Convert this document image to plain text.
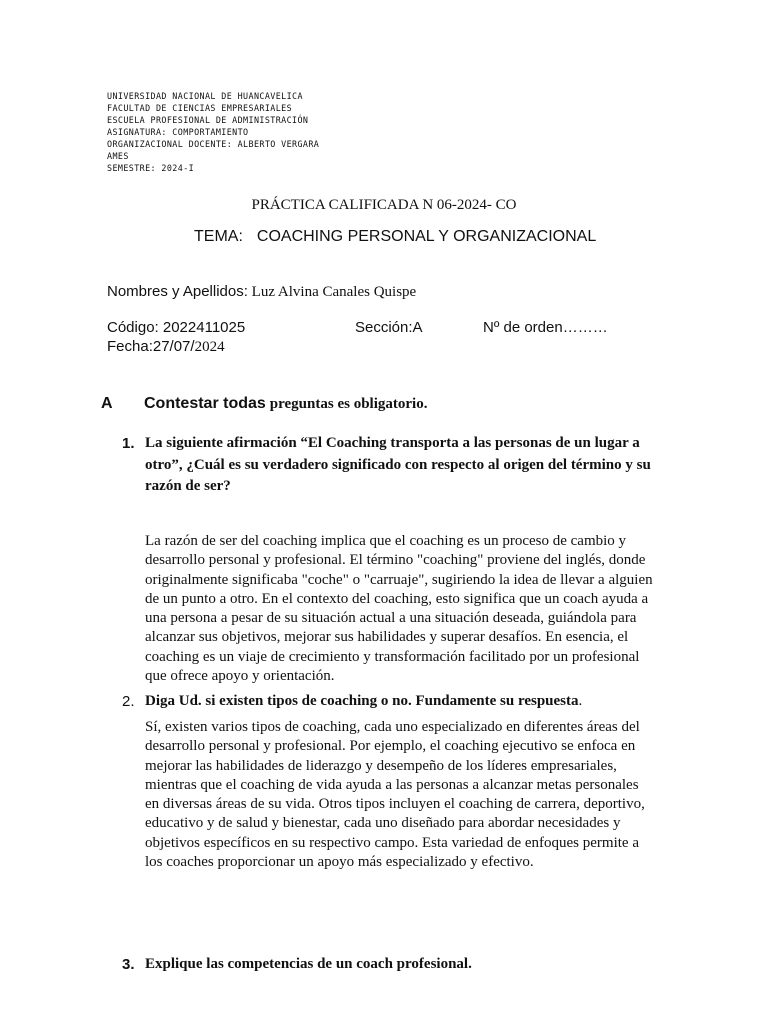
UNIVERSIDAD NACIONAL DE HUANCAVELICA
FACULTAD DE CIENCIAS EMPRESARIALES
ESCUELA PROFESIONAL DE ADMINISTRACIÓN
ASIGNATURA: COMPORTAMIENTO
ORGANIZACIONAL DOCENTE: ALBERTO VERGARA
AMES
SEMESTRE: 2024-I
PRÁCTICA CALIFICADA N 06-2024- CO
TEMA: COACHING PERSONAL Y ORGANIZACIONAL
Nombres y Apellidos: Luz Alvina Canales Quispe
Código: 2022411025	Sección:A	Nº de orden………
Fecha:27/07/2024
A Contestar todas preguntas es obligatorio.
1. La siguiente afirmación “El Coaching transporta a las personas de un lugar a
otro”, ¿Cuál es su verdadero significado con respecto al origen del término y su
razón de ser?
La razón de ser del coaching implica que el coaching es un proceso de cambio y
desarrollo personal y profesional. El término "coaching" proviene del inglés, donde
originalmente significaba "coche" o "carruaje", sugiriendo la idea de llevar a alguien
de un punto a otro. En el contexto del coaching, esto significa que un coach ayuda a
una persona a pesar de su situación actual a una situación deseada, guiándola para
alcanzar sus objetivos, mejorar sus habilidades y superar desafíos. En esencia, el
coaching es un viaje de crecimiento y transformación facilitado por un profesional
que ofrece apoyo y orientación.
2. Diga Ud. si existen tipos de coaching o no. Fundamente su respuesta.
Sí, existen varios tipos de coaching, cada uno especializado en diferentes áreas del
desarrollo personal y profesional. Por ejemplo, el coaching ejecutivo se enfoca en
mejorar las habilidades de liderazgo y desempeño de los líderes empresariales,
mientras que el coaching de vida ayuda a las personas a alcanzar metas personales
en diversas áreas de su vida. Otros tipos incluyen el coaching de carrera, deportivo,
educativo y de salud y bienestar, cada uno diseñado para abordar necesidades y
objetivos específicos en su respectivo campo. Esta variedad de enfoques permite a
los coaches proporcionar un apoyo más especializado y efectivo.
3. Explique las competencias de un coach profesional.
